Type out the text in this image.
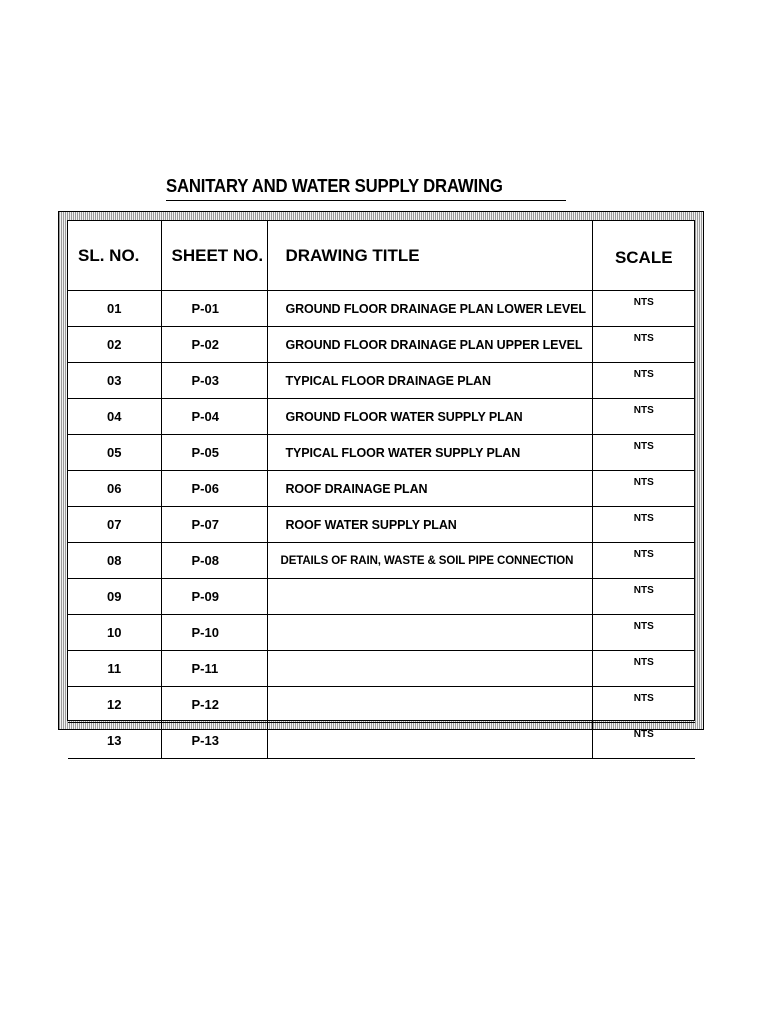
SANITARY AND WATER SUPPLY DRAWING
SL. NO.	SHEET NO.	DRAWING TITLE	SCALE
01	P-01	GROUND FLOOR DRAINAGE PLAN LOWER LEVEL	NTS
02	P-02	GROUND FLOOR DRAINAGE PLAN UPPER LEVEL	NTS
03	P-03	TYPICAL FLOOR DRAINAGE PLAN	NTS
04	P-04	GROUND FLOOR WATER SUPPLY PLAN	NTS
05	P-05	TYPICAL FLOOR WATER SUPPLY PLAN	NTS
06	P-06	ROOF DRAINAGE PLAN	NTS
07	P-07	ROOF WATER SUPPLY PLAN	NTS
08	P-08	DETAILS OF RAIN, WASTE & SOIL PIPE CONNECTION	NTS
09	P-09		NTS
10	P-10		NTS
11	P-11		NTS
12	P-12		NTS
13	P-13		NTS
